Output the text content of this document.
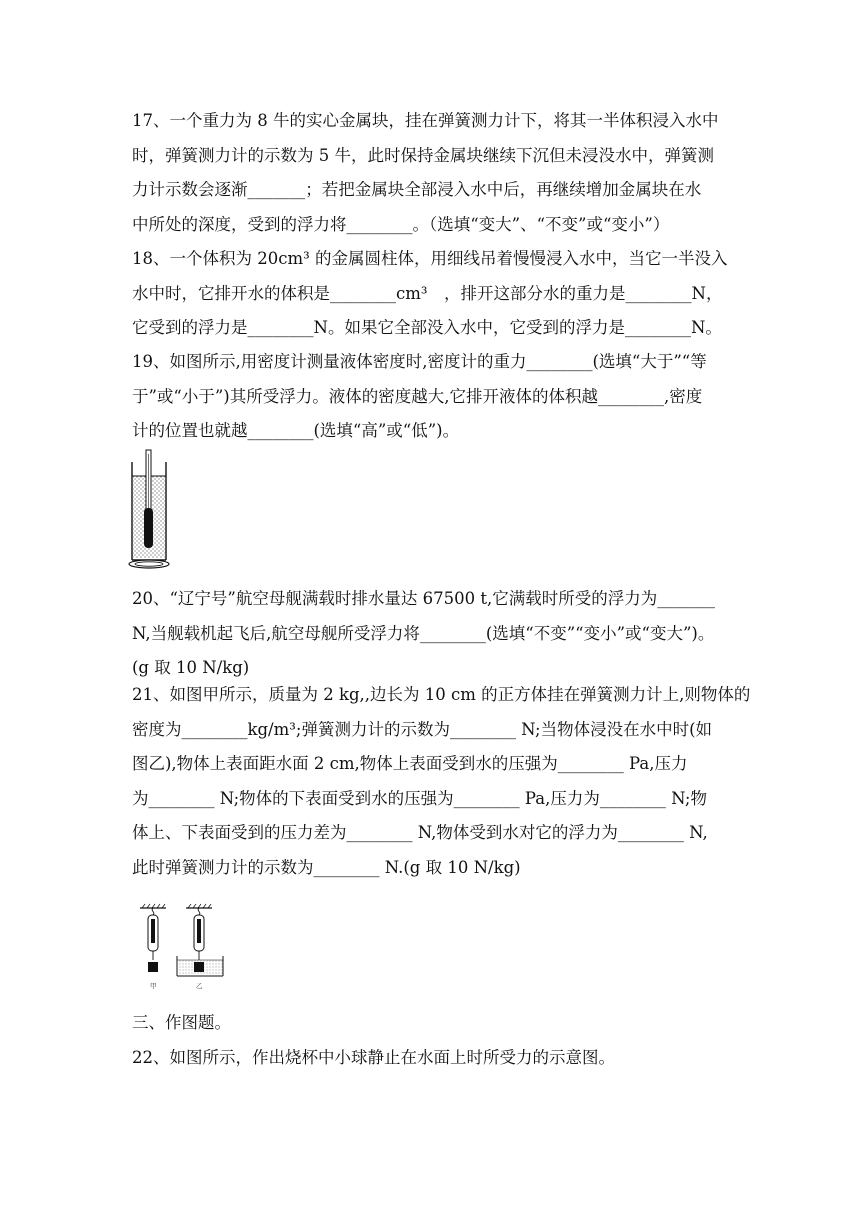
17、一个重力为 8 牛的实心金属块，挂在弹簧测力计下，将其一半体积浸入水中
时，弹簧测力计的示数为 5 牛，此时保持金属块继续下沉但未浸没水中，弹簧测
力计示数会逐渐_______；若把金属块全部浸入水中后，再继续增加金属块在水
中所处的深度，受到的浮力将________。（选填“变大”、“不变”或“变小”）

18、一个体积为 20cm³ 的金属圆柱体，用细线吊着慢慢浸入水中，当它一半没入
水中时，它排开水的体积是________cm³　，排开这部分水的重力是________N，
它受到的浮力是________N。如果它全部没入水中，它受到的浮力是________N。

19、如图所示,用密度计测量液体密度时,密度计的重力________(选填“大于”“等
于”或“小于”)其所受浮力。液体的密度越大,它排开液体的体积越________,密度
计的位置也就越________(选填“高”或“低”)。

20、“辽宁号”航空母舰满载时排水量达 67500 t,它满载时所受的浮力为_______
N,当舰载机起飞后,航空母舰所受浮力将________(选填“不变”“变小”或“变大”)。
(g 取 10 N/kg)

21、如图甲所示，质量为 2 kg,,边长为 10 cm 的正方体挂在弹簧测力计上,则物体的
密度为________kg/m³;弹簧测力计的示数为________ N;当物体浸没在水中时(如
图乙),物体上表面距水面 2 cm,物体上表面受到水的压强为________ Pa,压力
为________ N;物体的下表面受到水的压强为________ Pa,压力为________ N;物
体上、下表面受到的压力差为________ N,物体受到水对它的浮力为________ N,
此时弹簧测力计的示数为________ N.(g 取 10 N/kg)

甲	乙

三、作图题。

22、如图所示，作出烧杯中小球静止在水面上时所受力的示意图。
